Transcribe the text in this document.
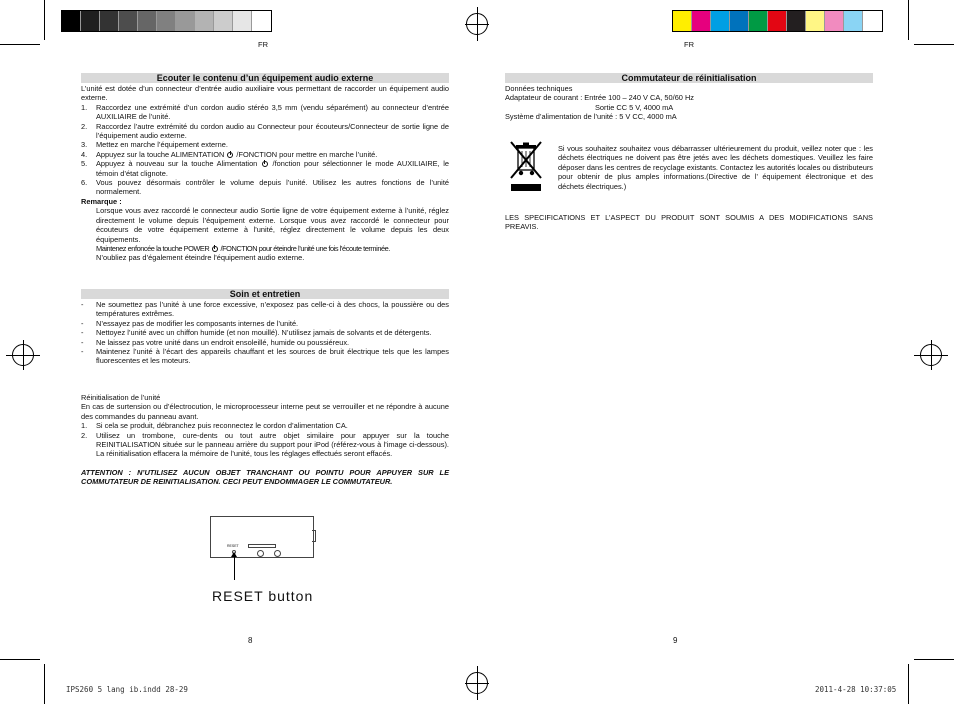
FR
Ecouter le contenu d’un équipement audio externe
L’unité est dotée d’un connecteur d’entrée audio auxiliaire vous permettant de raccorder un équipement audio externe.
1. Raccordez une extrémité d’un cordon audio stéréo 3,5 mm (vendu séparément) au connecteur d’entrée AUXILIAIRE de l’unité.
2. Raccordez l’autre extrémité du cordon audio au Connecteur pour écouteurs/Connecteur de sortie ligne de l’équipement audio externe.
3. Mettez en marche l’équipement externe.
4. Appuyez sur la touche ALIMENTATION /FONCTION pour mettre en marche l’unité.
5. Appuyez à nouveau sur la touche Alimentation /fonction pour sélectionner le mode AUXILIAIRE, le témoin d’état clignote.
6. Vous pouvez désormais contrôler le volume depuis l’unité. Utilisez les autres fonctions de l’unité normalement.
Remarque :
Lorsque vous avez raccordé le connecteur audio Sortie ligne de votre équipement externe à l’unité, réglez directement le volume depuis l’équipement externe. Lorsque vous avez raccordé le connecteur pour écouteurs de votre équipement externe à l’unité, réglez directement le volume depuis les deux équipements.
Maintenez enfoncée la touche POWER /FONCTION pour éteindre l’unité une fois l’écoute terminée.
N’oubliez pas d’également éteindre l’équipement audio externe.
Soin et entretien
- Ne soumettez pas l’unité à une force excessive, n’exposez pas celle-ci à des chocs, la poussière ou des températures extrêmes.
- N’essayez pas de modifier les composants internes de l’unité.
- Nettoyez l’unité avec un chiffon humide (et non mouillé). N’utilisez jamais de solvants et de détergents.
- Ne laissez pas votre unité dans un endroit ensoleillé, humide ou poussiéreux.
- Maintenez l’unité à l’écart des appareils chauffant et les sources de bruit électrique tels que les lampes fluorescentes et les moteurs.
Réinitialisation de l’unité
En cas de surtension ou d’électrocution, le microprocesseur interne peut se verrouiller et ne répondre à aucune des commandes du panneau avant.
1. Si cela se produit, débranchez puis reconnectez le cordon d’alimentation CA.
2. Utilisez un trombone, cure-dents ou tout autre objet similaire pour appuyer sur la touche REINITIALISATION située sur le panneau arrière du support pour iPod (référez-vous à l’image ci-dessous). La réinitialisation effacera la mémoire de l’unité, tous les réglages effectués seront effacés.
ATTENTION : N’UTILISEZ AUCUN OBJET TRANCHANT OU POINTU POUR APPUYER SUR LE COMMUTATEUR DE REINITIALISATION. CECI PEUT ENDOMMAGER LE COMMUTATEUR.
RESET
RESET button
8
IPS260 5 lang ib.indd 28-29
FR
Commutateur de réinitialisation
Données techniques
Adaptateur de courant : Entrée 100 – 240 V CA, 50/60 Hz
Sortie CC 5 V, 4000 mA
Système d’alimentation de l’unité : 5 V CC, 4000 mA
Si vous souhaitez souhaitez vous débarrasser ultérieurement du produit, veillez noter que : les déchets électriques ne doivent pas être jetés avec les déchets domestiques. Veuillez les faire déposer dans les centres de recyclage existants. Contactez les autorités locales ou distributeurs pour obtenir de plus amples informations.(Directive de l’ équipement électronique et des déchets électriques.)
LES SPECIFICATIONS ET L’ASPECT DU PRODUIT SONT SOUMIS A DES MODIFICATIONS SANS PREAVIS.
9
2011-4-28 10:37:05
